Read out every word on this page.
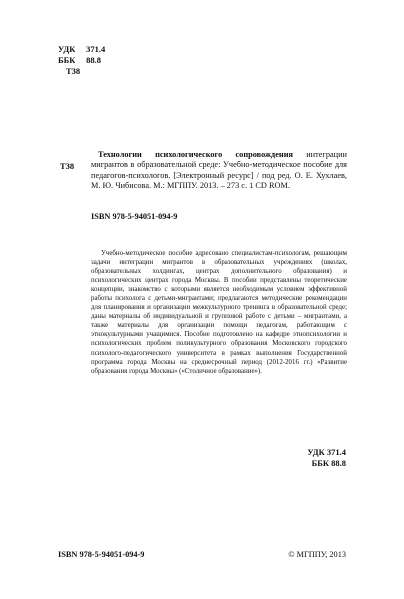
УДК 371.4
ББК 88.8
Т38
Т38
Технологии психологического сопровождения интеграции мигрантов в образовательной среде: Учебно-методическое пособие для педагогов-психологов. [Электронный ресурс] / под ред. О. Е. Хухлаев, М. Ю. Чибисова. М.: МГППУ. 2013. – 273 с. 1 CD ROM.
ISBN 978-5-94051-094-9
Учебно-методическое пособие адресовано специалистам-психологам, решающим задачи интеграции мигрантов в образовательных учреждениях (школах, образовательных холдингах, центрах дополнительного образования) и психологических центрах города Москвы. В пособии представлены теоретические концепции, знакомство с которыми является необходимым условием эффективной работы психолога с детьми-мигрантами; предлагаются методические рекомендации для планирования и организации межкультурного тренинга в образовательной среде; даны материалы об индивидуальной и групповой работе с детьми – мигрантами, а также материалы для организации помощи педагогам, работающим с этнокультурными учащимися. Пособие подготовлено на кафедре этнопсихологии и психологических проблем поликультурного образования Московского городского психолого-педагогического университета в рамках выполнения Государственной программа города Москвы на среднесрочный период (2012-2016 гг.) «Развитие образования города Москвы» («Столичное образование»).
УДК 371.4
ББК 88.8
ISBN 978-5-94051-094-9	© МГППУ, 2013
